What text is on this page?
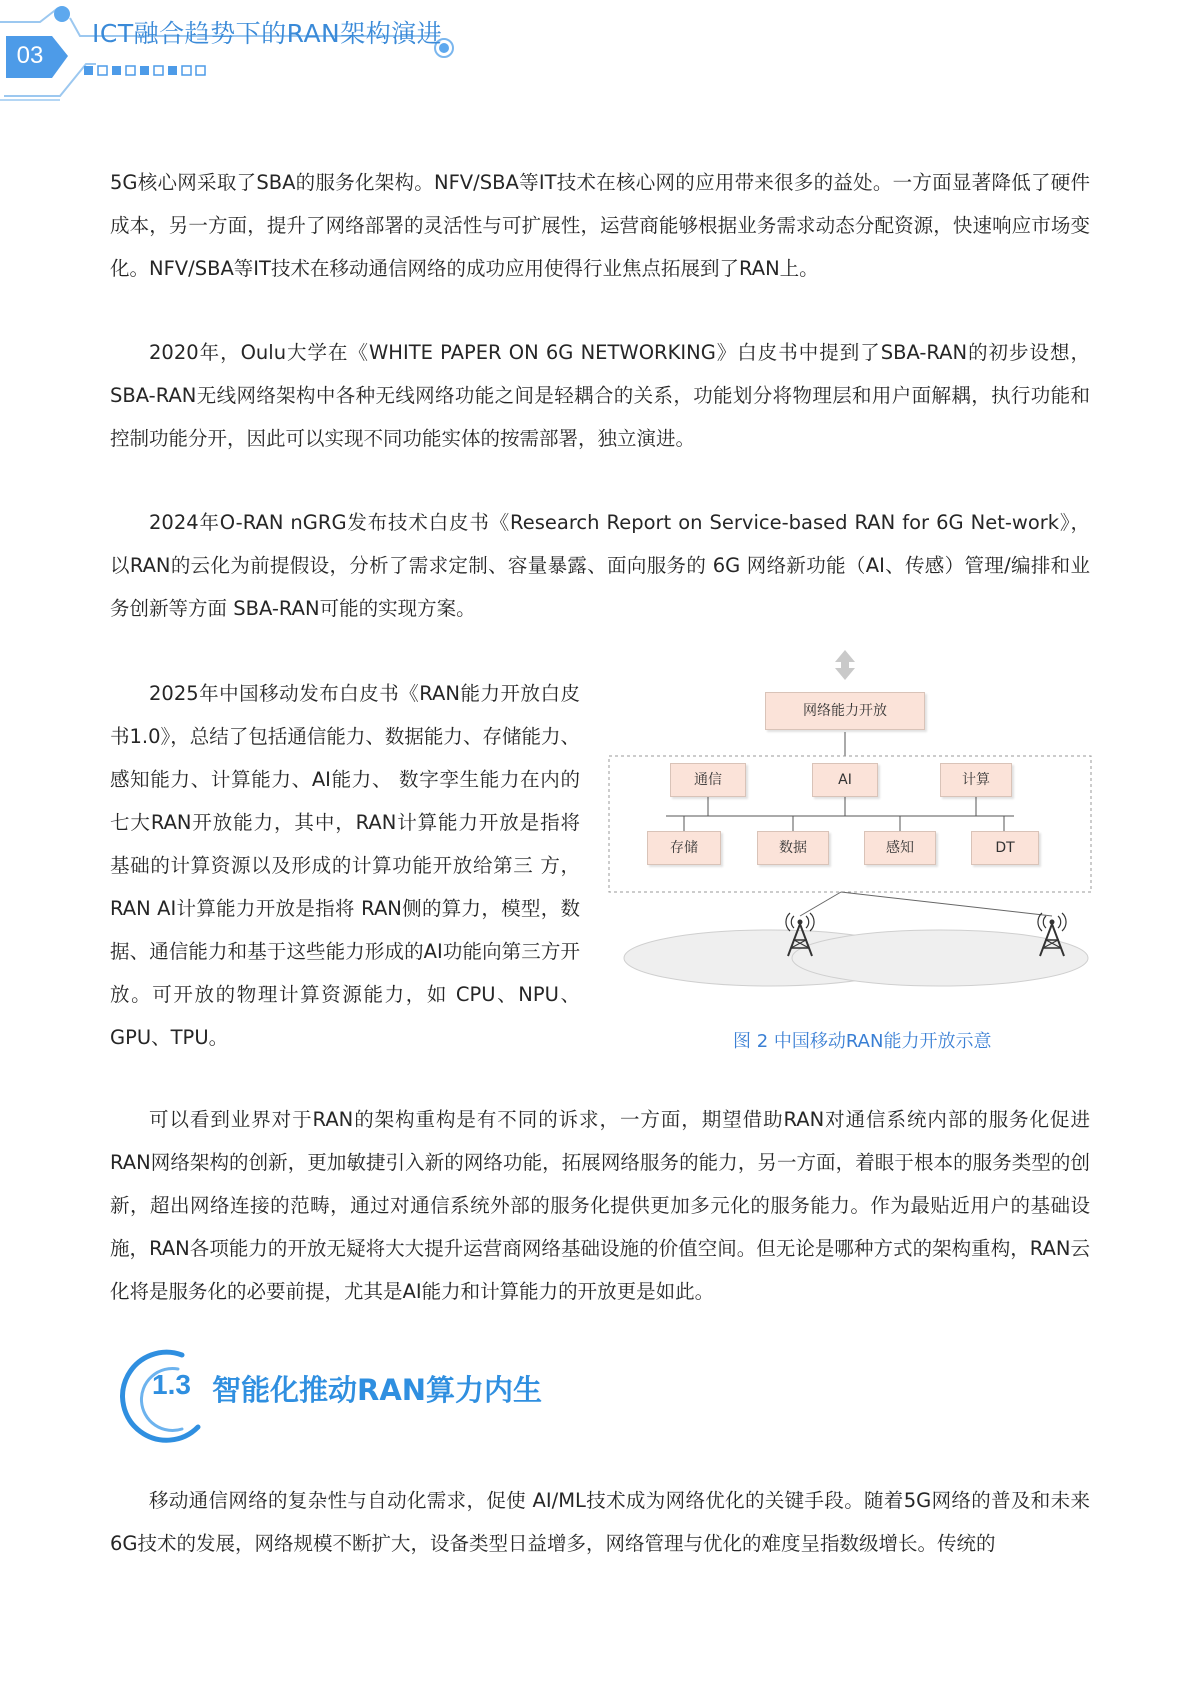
03
ICT融合趋势下的RAN架构演进

5G核心网采取了SBA的服务化架构。NFV/SBA等IT技术在核心网的应用带来很多的益处。一方面显著降低了硬件成本，另一方面，提升了网络部署的灵活性与可扩展性，运营商能够根据业务需求动态分配资源，快速响应市场变化。NFV/SBA等IT技术在移动通信网络的成功应用使得行业焦点拓展到了RAN上。

2020年，Oulu大学在《WHITE PAPER ON 6G NETWORKING》白皮书中提到了SBA-RAN的初步设想，SBA-RAN无线网络架构中各种无线网络功能之间是轻耦合的关系，功能划分将物理层和用户面解耦，执行功能和控制功能分开，因此可以实现不同功能实体的按需部署，独立演进。

2024年O-RAN nGRG发布技术白皮书《Research Report on Service-based RAN for 6G Net-work》，以RAN的云化为前提假设，分析了需求定制、容量暴露、面向服务的 6G 网络新功能（AI、传感）管理/编排和业务创新等方面 SBA-RAN可能的实现方案。

2025年中国移动发布白皮书《RAN能力开放白皮书1.0》，总结了包括通信能力、数据能力、存储能力、感知能力、计算能力、AI能力、 数字孪生能力在内的七大RAN开放能力，其中，RAN计算能力开放是指将基础的计算资源以及形成的计算功能开放给第三 方， RAN AI计算能力开放是指将 RAN侧的算力，模型，数据、通信能力和基于这些能力形成的AI功能向第三方开放。可开放的物理计算资源能力，如 CPU、NPU、GPU、TPU。

网络能力开放
通信	AI	计算
存储	数据	感知	DT
图 2 中国移动RAN能力开放示意

可以看到业界对于RAN的架构重构是有不同的诉求，一方面，期望借助RAN对通信系统内部的服务化促进RAN网络架构的创新，更加敏捷引入新的网络功能，拓展网络服务的能力，另一方面，着眼于根本的服务类型的创新，超出网络连接的范畴，通过对通信系统外部的服务化提供更加多元化的服务能力。作为最贴近用户的基础设施，RAN各项能力的开放无疑将大大提升运营商网络基础设施的价值空间。但无论是哪种方式的架构重构，RAN云化将是服务化的必要前提，尤其是AI能力和计算能力的开放更是如此。

1.3 智能化推动RAN算力内生

移动通信网络的复杂性与自动化需求，促使 AI/ML技术成为网络优化的关键手段。随着5G网络的普及和未来6G技术的发展，网络规模不断扩大，设备类型日益增多，网络管理与优化的难度呈指数级增长。传统的
